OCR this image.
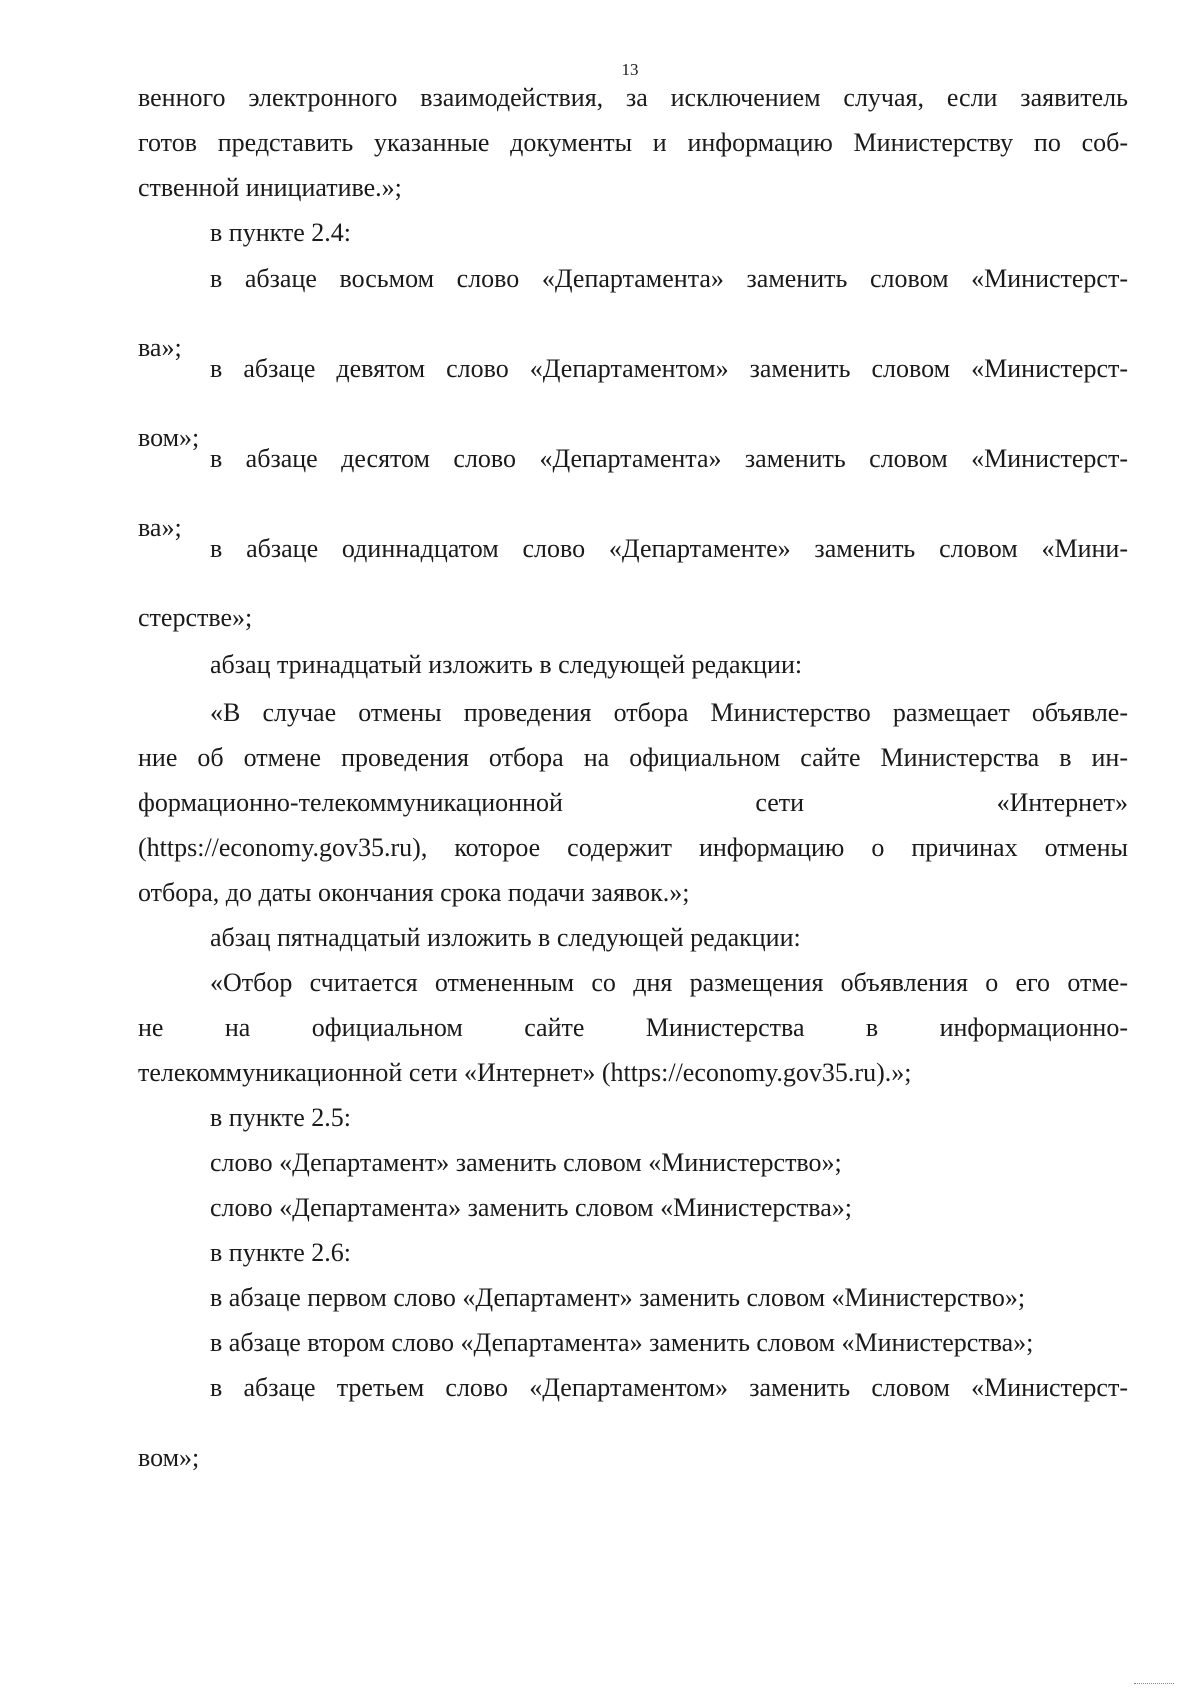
13
венного электронного взаимодействия, за исключением случая, если заявитель
готов представить указанные документы и информацию Министерству по соб-
ственной инициативе.»;
в пункте 2.4:
в абзаце восьмом слово «Департамента» заменить словом «Министерст-
ва»;
в абзаце девятом слово «Департаментом» заменить словом «Министерст-
вом»;
в абзаце десятом слово «Департамента» заменить словом «Министерст-
ва»;
в абзаце одиннадцатом слово «Департаменте» заменить словом «Мини-
стерстве»;
абзац тринадцатый изложить в следующей редакции:
«В случае отмены проведения отбора Министерство размещает объявле-
ние об отмене проведения отбора на официальном сайте Министерства в ин-
формационно-телекоммуникационной сети «Интернет»
(https://economy.gov35.ru), которое содержит информацию о причинах отмены
отбора, до даты окончания срока подачи заявок.»;
абзац пятнадцатый изложить в следующей редакции:
«Отбор считается отмененным со дня размещения объявления о его отме-
не на официальном сайте Министерства в информационно-
телекоммуникационной сети «Интернет» (https://economy.gov35.ru).»;
в пункте 2.5:
слово «Департамент» заменить словом «Министерство»;
слово «Департамента» заменить словом «Министерства»;
в пункте 2.6:
в абзаце первом слово «Департамент» заменить словом «Министерство»;
в абзаце втором слово «Департамента» заменить словом «Министерства»;
в абзаце третьем слово «Департаментом» заменить словом «Министерст-
вом»;
